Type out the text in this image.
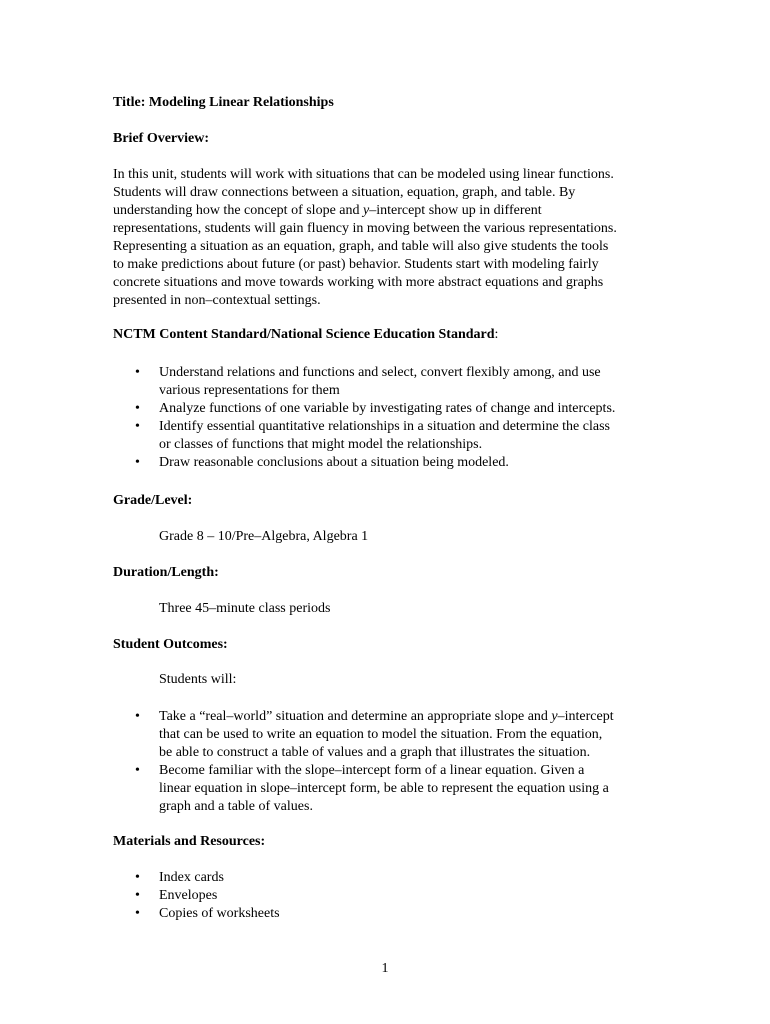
Title: Modeling Linear Relationships
Brief Overview:
In this unit, students will work with situations that can be modeled using linear functions.
Students will draw connections between a situation, equation, graph, and table. By
understanding how the concept of slope and y–intercept show up in different
representations, students will gain fluency in moving between the various representations.
Representing a situation as an equation, graph, and table will also give students the tools
to make predictions about future (or past) behavior. Students start with modeling fairly
concrete situations and move towards working with more abstract equations and graphs
presented in non–contextual settings.
NCTM Content Standard/National Science Education Standard:
• Understand relations and functions and select, convert flexibly among, and use
various representations for them
• Analyze functions of one variable by investigating rates of change and intercepts.
• Identify essential quantitative relationships in a situation and determine the class
or classes of functions that might model the relationships.
• Draw reasonable conclusions about a situation being modeled.
Grade/Level:
Grade 8 – 10/Pre–Algebra, Algebra 1
Duration/Length:
Three 45–minute class periods
Student Outcomes:
Students will:
• Take a “real–world” situation and determine an appropriate slope and y–intercept
that can be used to write an equation to model the situation. From the equation,
be able to construct a table of values and a graph that illustrates the situation.
• Become familiar with the slope–intercept form of a linear equation. Given a
linear equation in slope–intercept form, be able to represent the equation using a
graph and a table of values.
Materials and Resources:
• Index cards
• Envelopes
• Copies of worksheets
1
